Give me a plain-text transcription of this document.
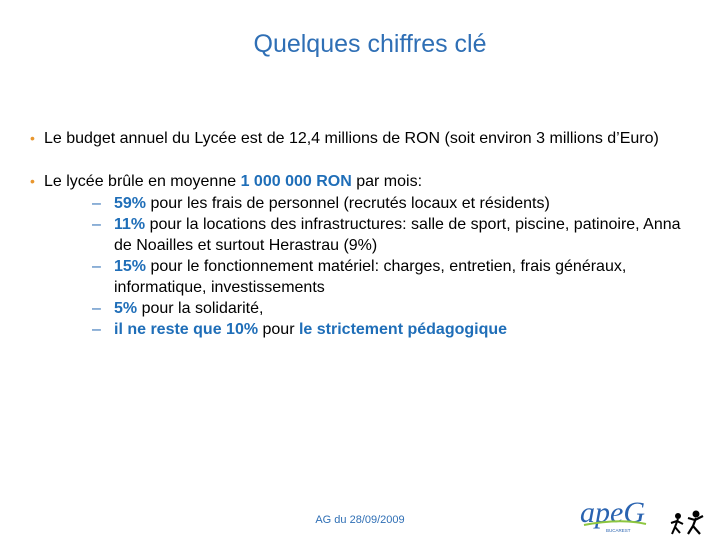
Quelques chiffres clé
• Le budget annuel du Lycée est de 12,4 millions de RON (soit environ 3 millions d’Euro)
• Le lycée brûle en moyenne 1 000 000 RON par mois:
– 59% pour les frais de personnel (recrutés locaux et résidents)
– 11% pour la locations des infrastructures: salle de sport, piscine, patinoire, Anna de Noailles et surtout Herastrau (9%)
– 15% pour le fonctionnement matériel: charges, entretien, frais généraux, informatique, investissements
– 5% pour la solidarité,
– il ne reste que 10% pour le strictement pédagogique
AG du 28/09/2009	apeG
BUCAREST
